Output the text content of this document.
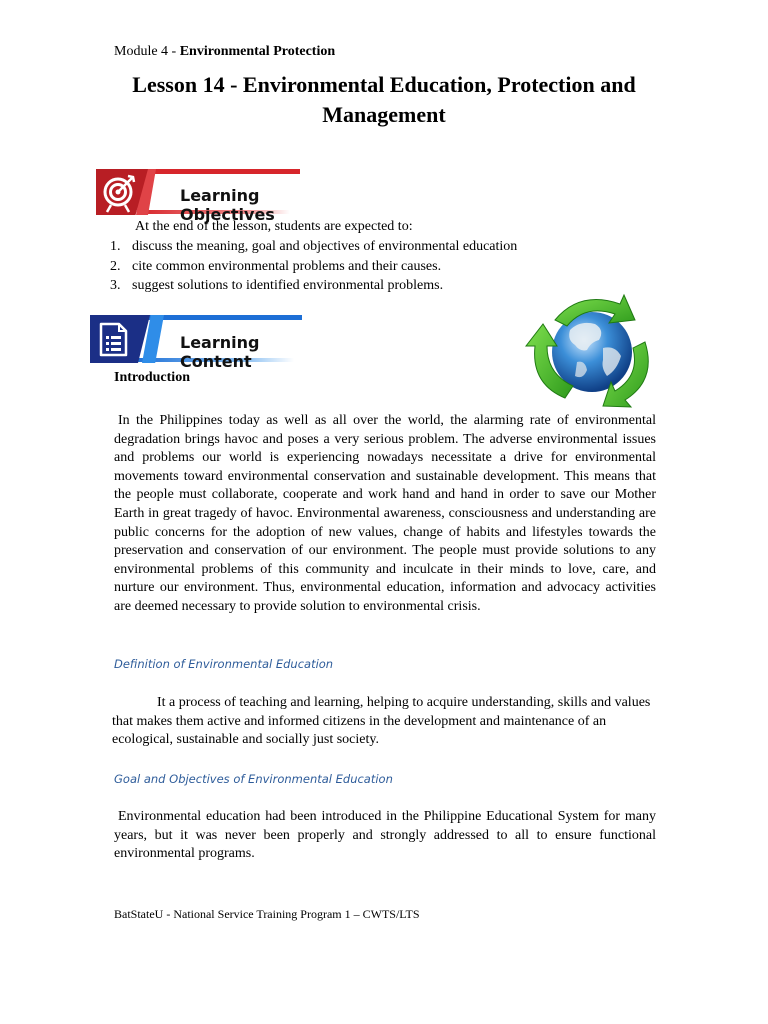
Module 4 - Environmental Protection
Lesson 14 - Environmental Education, Protection and Management
Learning Objectives
At the end of the lesson, students are expected to:
1. discuss the meaning, goal and objectives of environmental education
2. cite common environmental problems and their causes.
3. suggest solutions to identified environmental problems.
Learning Content
Introduction

In the Philippines today as well as all over the world, the alarming rate of environmental degradation brings havoc and poses a very serious problem. The adverse environmental issues and problems our world is experiencing nowadays necessitate a drive for environmental movements toward environmental conservation and sustainable development. This means that the people must collaborate, cooperate and work hand and hand in order to save our Mother Earth in great tragedy of havoc. Environmental awareness, consciousness and understanding are public concerns for the adoption of new values, change of habits and lifestyles towards the preservation and conservation of our environment. The people must provide solutions to any environmental problems of this community and inculcate in their minds to love, care, and nurture our environment. Thus, environmental education, information and advocacy activities are deemed necessary to provide solution to environmental crisis.

Definition of Environmental Education

It a process of teaching and learning, helping to acquire understanding, skills and values that makes them active and informed citizens in the development and maintenance of an ecological, sustainable and socially just society.

Goal and Objectives of Environmental Education

Environmental education had been introduced in the Philippine Educational System for many years, but it was never been properly and strongly addressed to all to ensure functional environmental programs.

BatStateU - National Service Training Program 1 – CWTS/LTS
